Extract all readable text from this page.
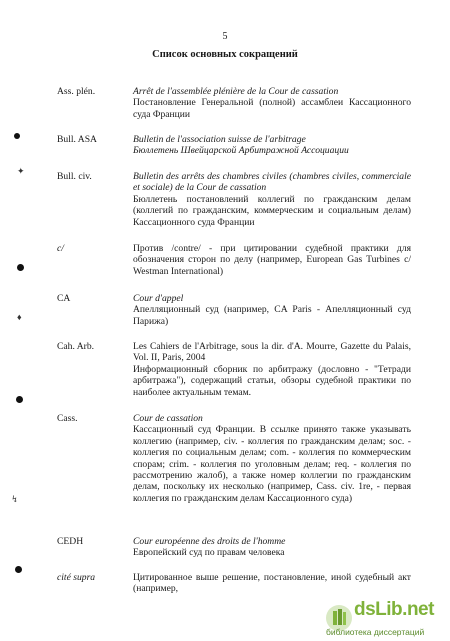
5
Список основных сокращений
✦
♦
↯
Ass. plén.	Arrêt de l'assemblée plénière de la Cour de cassation
Постановление Генеральной (полной) ассамблеи Кассационного суда Франции
Bull. ASA	Bulletin de l'association suisse de l'arbitrage
Бюллетень Швейцарской Арбитражной Ассоциации
Bull. civ.	Bulletin des arrêts des chambres civiles (chambres civiles, commerciale et sociale) de la Cour de cassation
Бюллетень постановлений коллегий по гражданским делам (коллегий по гражданским, коммерческим и социальным делам) Кассационного суда Франции
c/	Против /contre/ - при цитировании судебной практики для обозначения сторон по делу (например, European Gas Turbines c/ Westman International)
CA	Cour d'appel
Апелляционный суд (например, CA Paris - Апелляционный суд Парижа)
Cah. Arb.	Les Cahiers de l'Arbitrage, sous la dir. d'A. Mourre, Gazette du Palais, Vol. II, Paris, 2004
Информационный сборник по арбитражу (дословно - "Тетради арбитража"), содержащий статьи, обзоры судебной практики по наиболее актуальным темам.
Cass.	Cour de cassation
Кассационный суд Франции. В ссылке принято также указывать коллегию (например, civ. - коллегия по гражданским делам; soc. - коллегия по социальным делам; com. - коллегия по коммерческим спорам; crim. - коллегия по уголовным делам; req. - коллегия по рассмотрению жалоб), а также номер коллегии по гражданским делам, поскольку их несколько (например, Cass. civ. 1re, - первая коллегия по гражданским делам Кассационного суда)
CEDH	Cour européenne des droits de l'homme
Европейский суд по правам человека
cité supra	Цитированное выше решение, постановление, иной судебный акт (например,
dsLib.net
библиотека диссертаций
